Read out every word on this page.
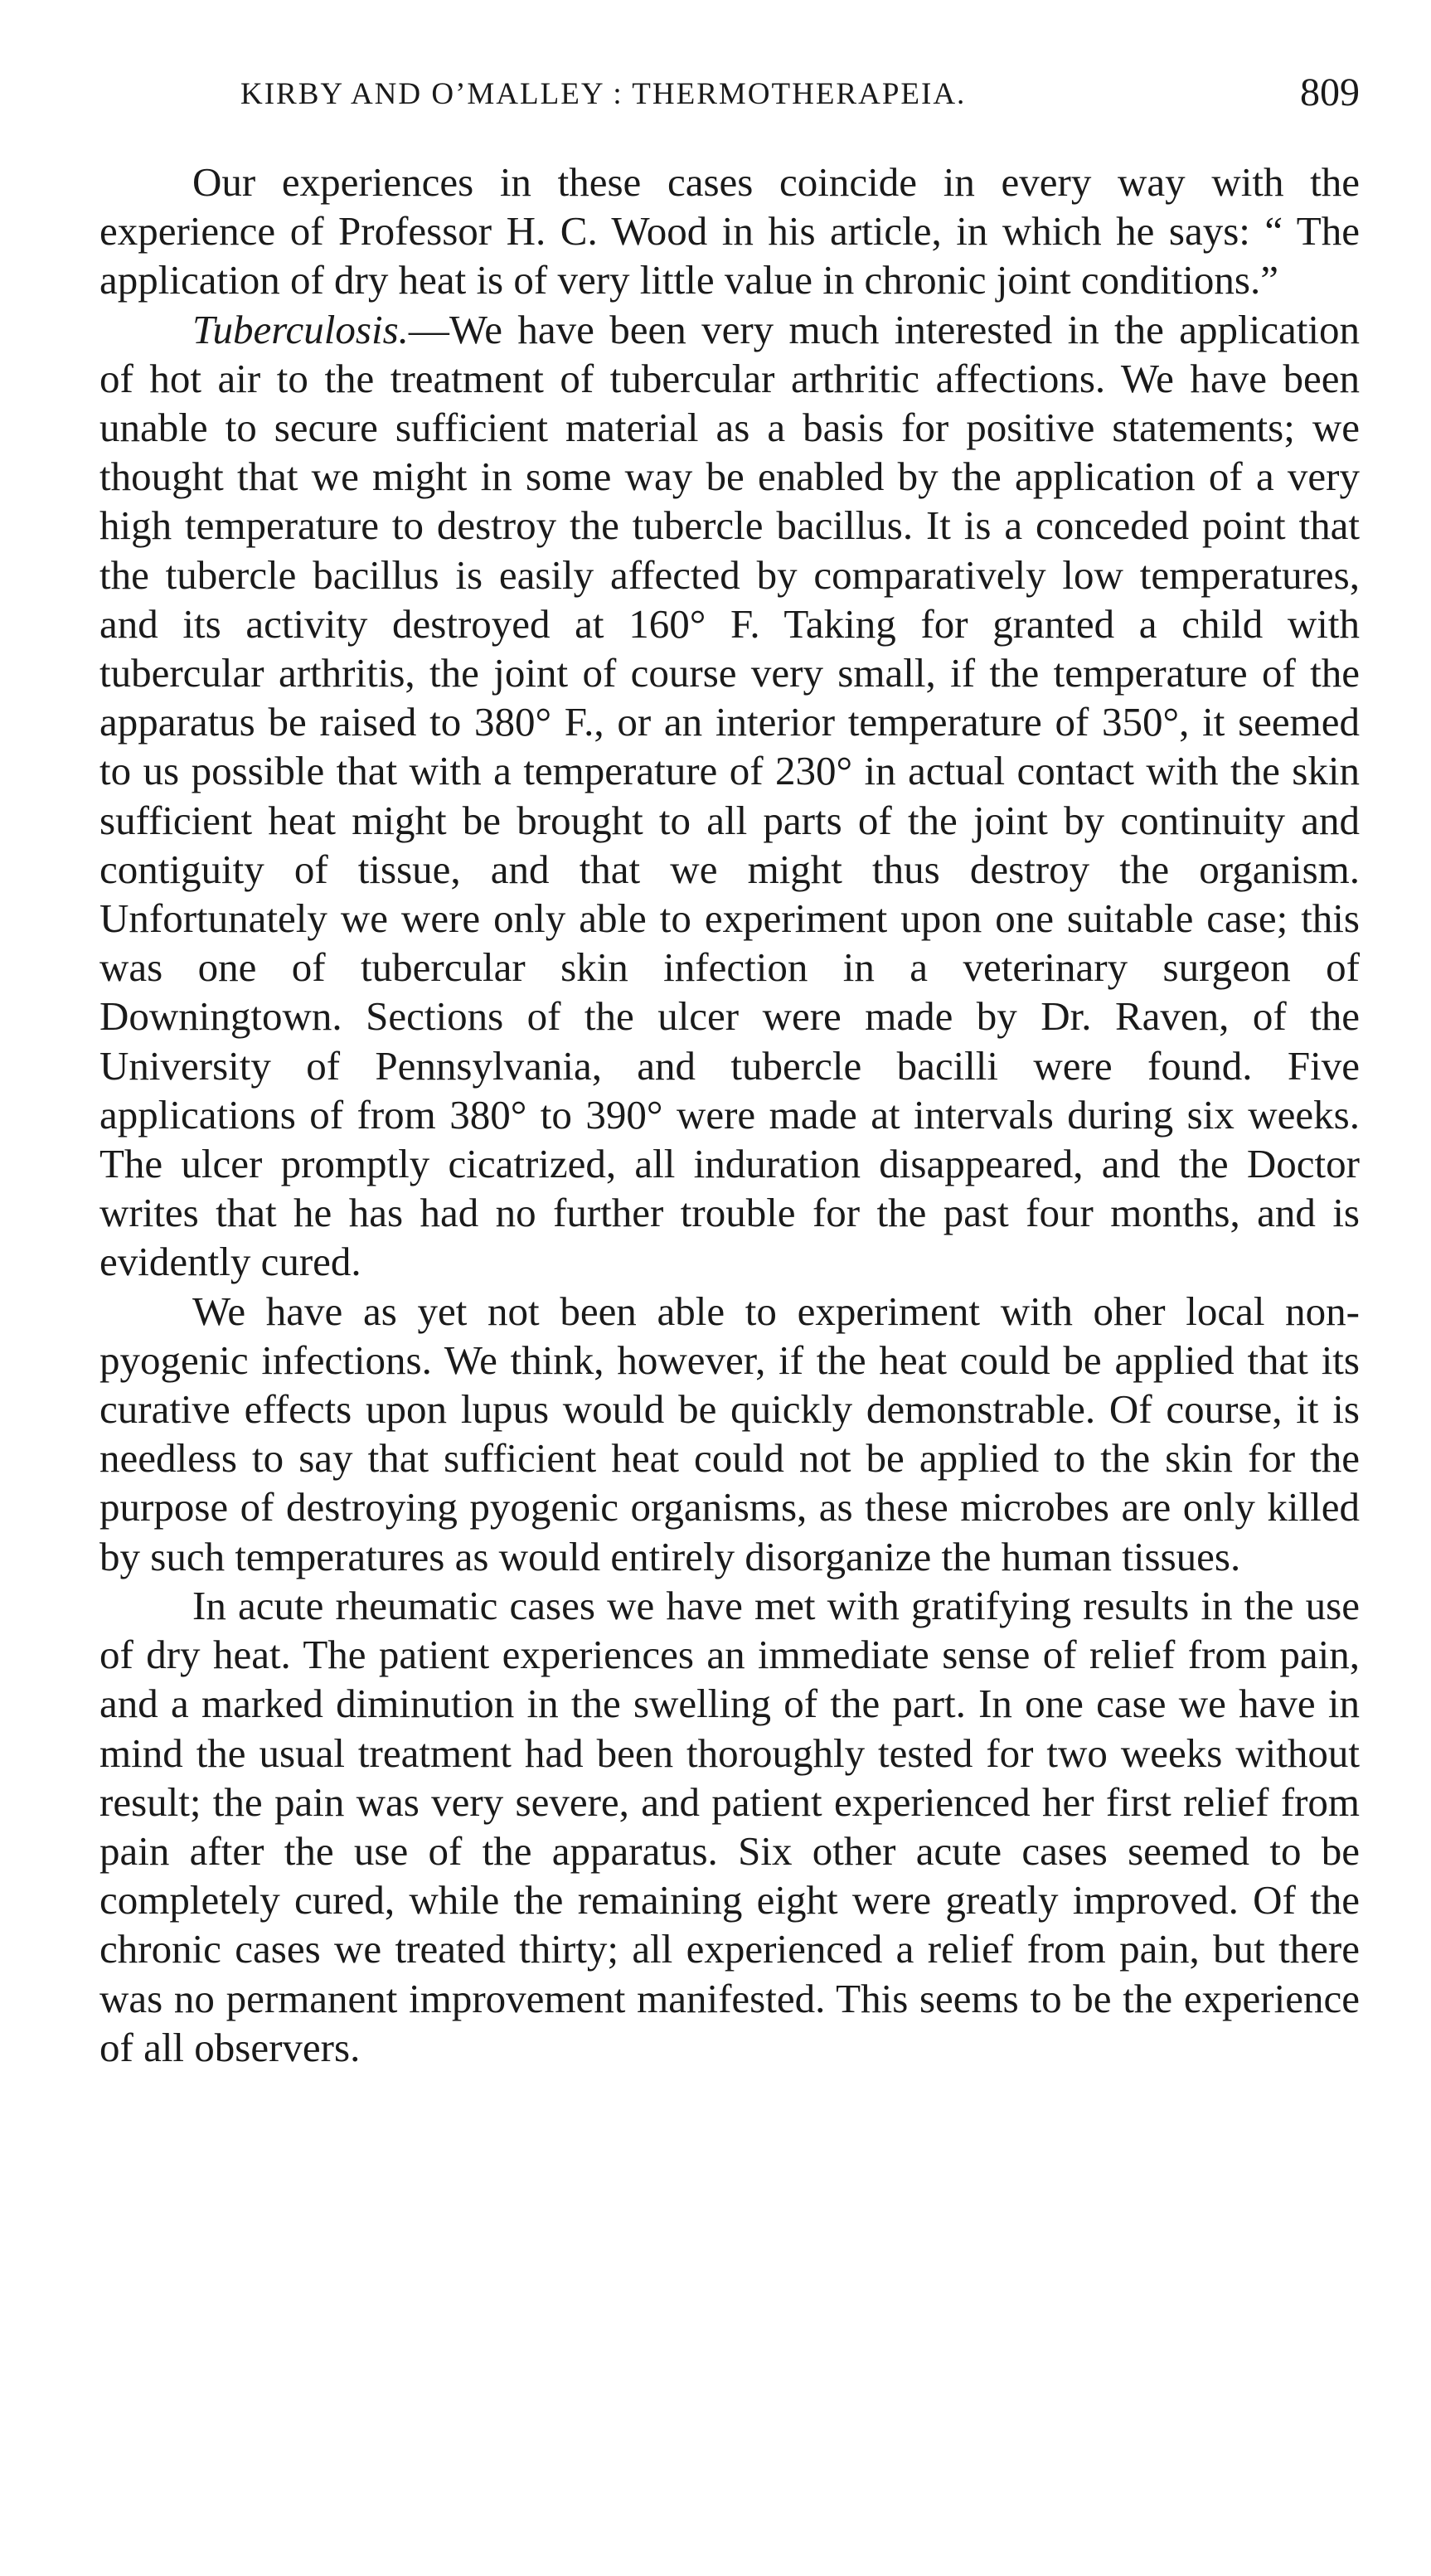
KIRBY AND O’MALLEY : THERMOTHERAPEIA.	809

Our experiences in these cases coincide in every way with the experience of Professor H. C. Wood in his article, in which he says: “ The application of dry heat is of very little value in chronic joint conditions.”

Tuberculosis.—We have been very much interested in the application of hot air to the treatment of tubercular arthritic affections. We have been unable to secure sufficient material as a basis for positive statements; we thought that we might in some way be enabled by the application of a very high temperature to destroy the tubercle bacillus. It is a conceded point that the tubercle bacillus is easily affected by comparatively low temperatures, and its activity destroyed at 160° F. Taking for granted a child with tubercular arthritis, the joint of course very small, if the temperature of the apparatus be raised to 380° F., or an interior temperature of 350°, it seemed to us possible that with a temperature of 230° in actual contact with the skin sufficient heat might be brought to all parts of the joint by continuity and contiguity of tissue, and that we might thus destroy the organism. Unfortunately we were only able to experiment upon one suitable case; this was one of tubercular skin infection in a veterinary surgeon of Downingtown. Sections of the ulcer were made by Dr. Raven, of the University of Pennsylvania, and tubercle bacilli were found. Five applications of from 380° to 390° were made at intervals during six weeks. The ulcer promptly cicatrized, all induration disappeared, and the Doctor writes that he has had no further trouble for the past four months, and is evidently cured.

We have as yet not been able to experiment with oher local non-pyogenic infections. We think, however, if the heat could be applied that its curative effects upon lupus would be quickly demonstrable. Of course, it is needless to say that sufficient heat could not be applied to the skin for the purpose of destroying pyogenic organisms, as these microbes are only killed by such temperatures as would entirely disorganize the human tissues.

In acute rheumatic cases we have met with gratifying results in the use of dry heat. The patient experiences an immediate sense of relief from pain, and a marked diminution in the swelling of the part. In one case we have in mind the usual treatment had been thoroughly tested for two weeks without result; the pain was very severe, and patient experienced her first relief from pain after the use of the apparatus. Six other acute cases seemed to be completely cured, while the remaining eight were greatly improved. Of the chronic cases we treated thirty; all experienced a relief from pain, but there was no permanent improvement manifested. This seems to be the experience of all observers.
